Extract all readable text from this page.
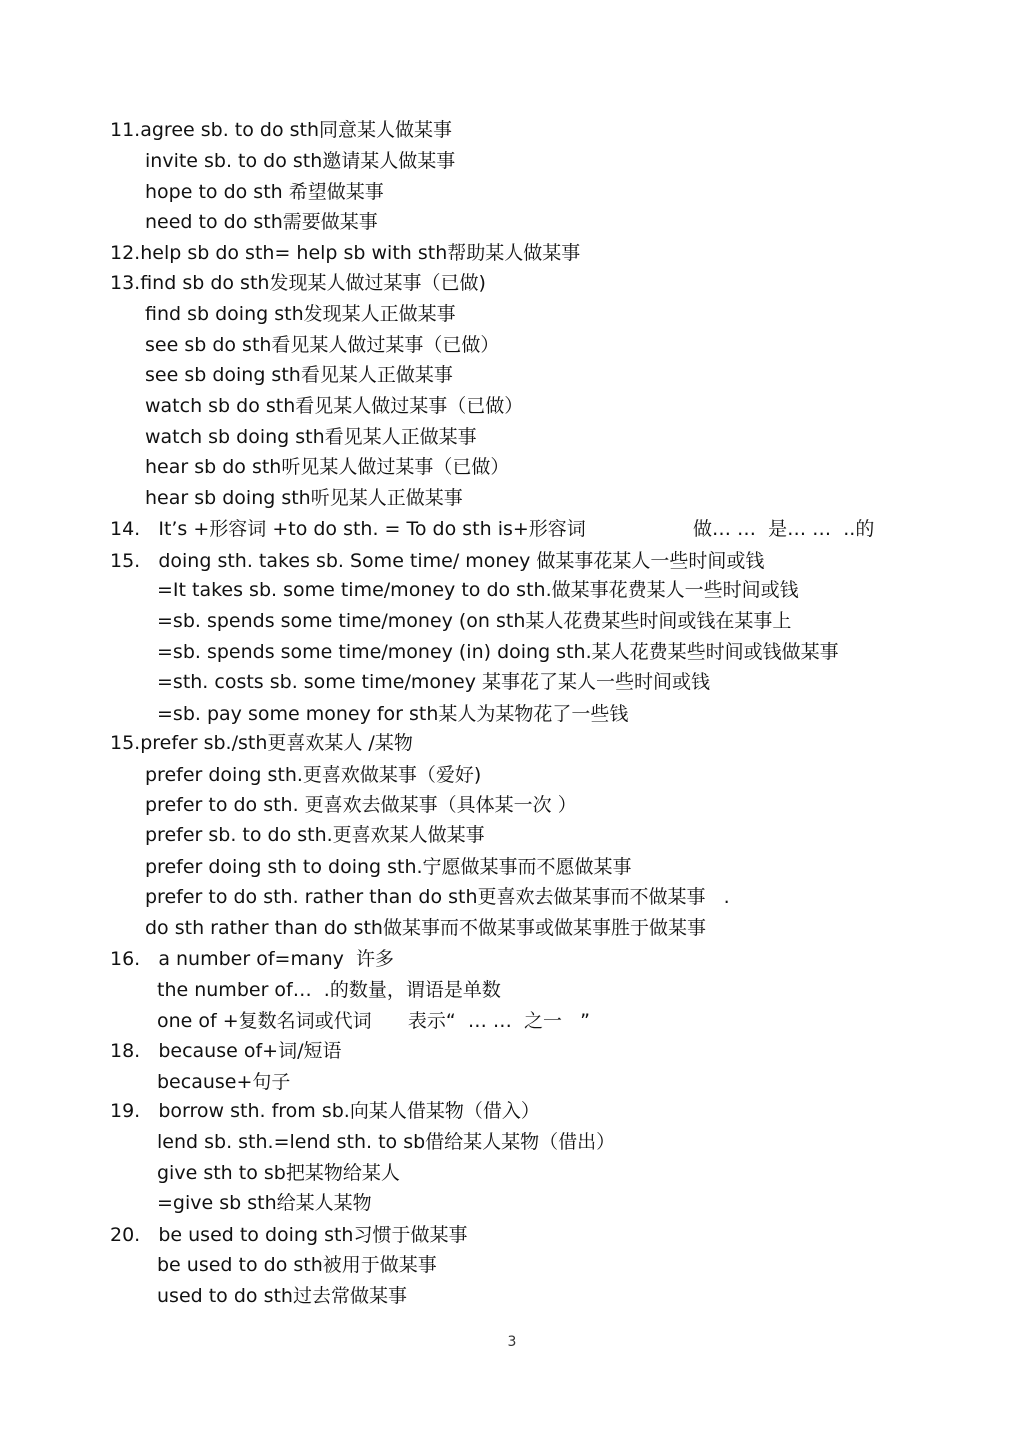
11.agree sb. to do sth同意某人做某事
invite sb. to do sth邀请某人做某事
hope to do sth 希望做某事
need to do sth需要做某事
12.help sb do sth= help sb with sth帮助某人做某事
13.find sb do sth发现某人做过某事（已做)
find sb doing sth发现某人正做某事
see sb do sth看见某人做过某事（已做）
see sb doing sth看见某人正做某事
watch sb do sth看见某人做过某事（已做）
watch sb doing sth看见某人正做某事
hear sb do sth听见某人做过某事（已做）
hear sb doing sth听见某人正做某事
14.   It’s +形容词 +to do sth. = To do sth is+形容词	做… …  是… …  ..的
15.   doing sth. takes sb. Some time/ money 做某事花某人一些时间或钱
=It takes sb. some time/money to do sth.做某事花费某人一些时间或钱
=sb. spends some time/money (on sth某人花费某些时间或钱在某事上
=sb. spends some time/money (in) doing sth.某人花费某些时间或钱做某事
=sth. costs sb. some time/money 某事花了某人一些时间或钱
=sb. pay some money for sth某人为某物花了一些钱
15.prefer sb./sth更喜欢某人 /某物
prefer doing sth.更喜欢做某事（爱好)
prefer to do sth. 更喜欢去做某事（具体某一次 ）
prefer sb. to do sth.更喜欢某人做某事
prefer doing sth to doing sth.宁愿做某事而不愿做某事
prefer to do sth. rather than do sth更喜欢去做某事而不做某事   .
do sth rather than do sth做某事而不做某事或做某事胜于做某事
16.   a number of=many  许多
the number of…  .的数量，谓语是单数
one of +复数名词或代词      表示“  … …  之一   ”
18.   because of+词/短语
because+句子
19.   borrow sth. from sb.向某人借某物（借入）
lend sb. sth.=lend sth. to sb借给某人某物（借出）
give sth to sb把某物给某人
=give sb sth给某人某物
20.   be used to doing sth习惯于做某事
be used to do sth被用于做某事
used to do sth过去常做某事
3
